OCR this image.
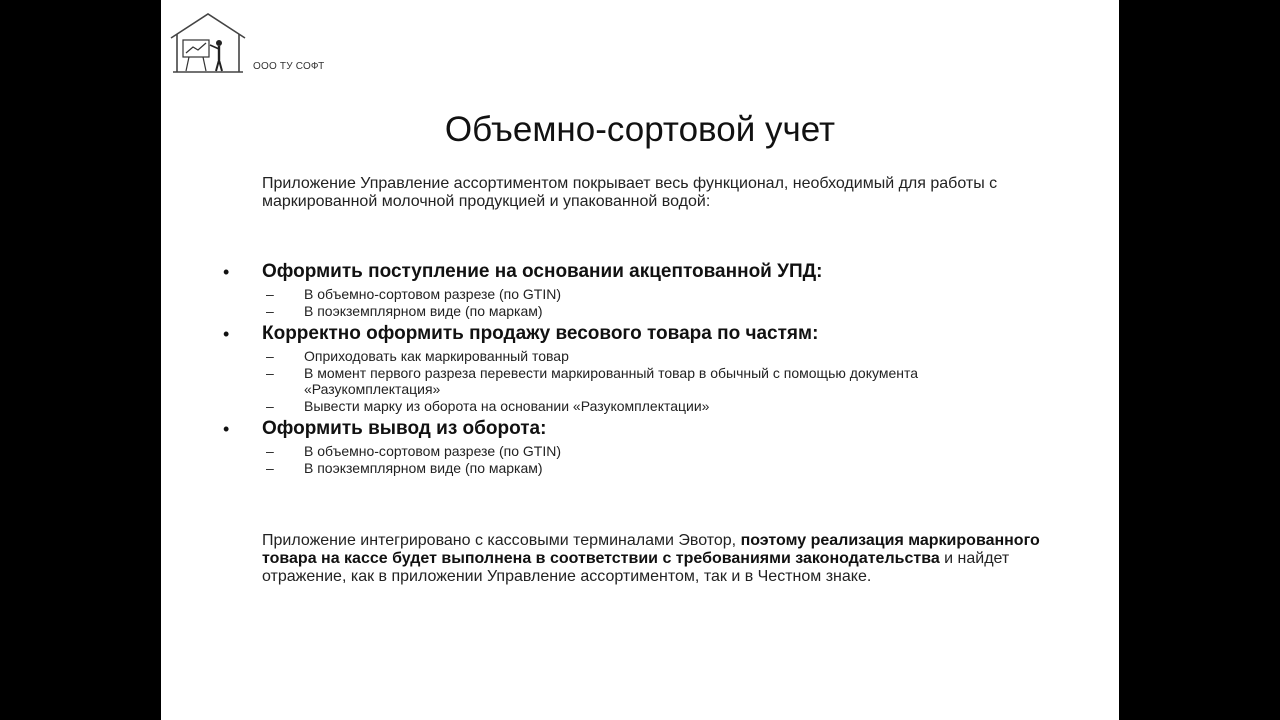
ООО ТУ СОФТ
Объемно-сортовой учет
Приложение Управление ассортиментом покрывает весь функционал, необходимый для работы с маркированной молочной продукцией и упакованной водой:
• Оформить поступление на основании акцептованной УПД:
– В объемно-сортовом разрезе (по GTIN)
– В поэкземплярном виде (по маркам)
• Корректно оформить продажу весового товара по частям:
– Оприходовать как маркированный товар
– В момент первого разреза перевести маркированный товар в обычный с помощью документа «Разукомплектация»
– Вывести марку из оборота на основании «Разукомплектации»
• Оформить вывод из оборота:
– В объемно-сортовом разрезе (по GTIN)
– В поэкземплярном виде (по маркам)
Приложение интегрировано с кассовыми терминалами Эвотор, поэтому реализация маркированного товара на кассе будет выполнена в соответствии с требованиями законодательства и найдет отражение, как в приложении Управление ассортиментом, так и в Честном знаке.
